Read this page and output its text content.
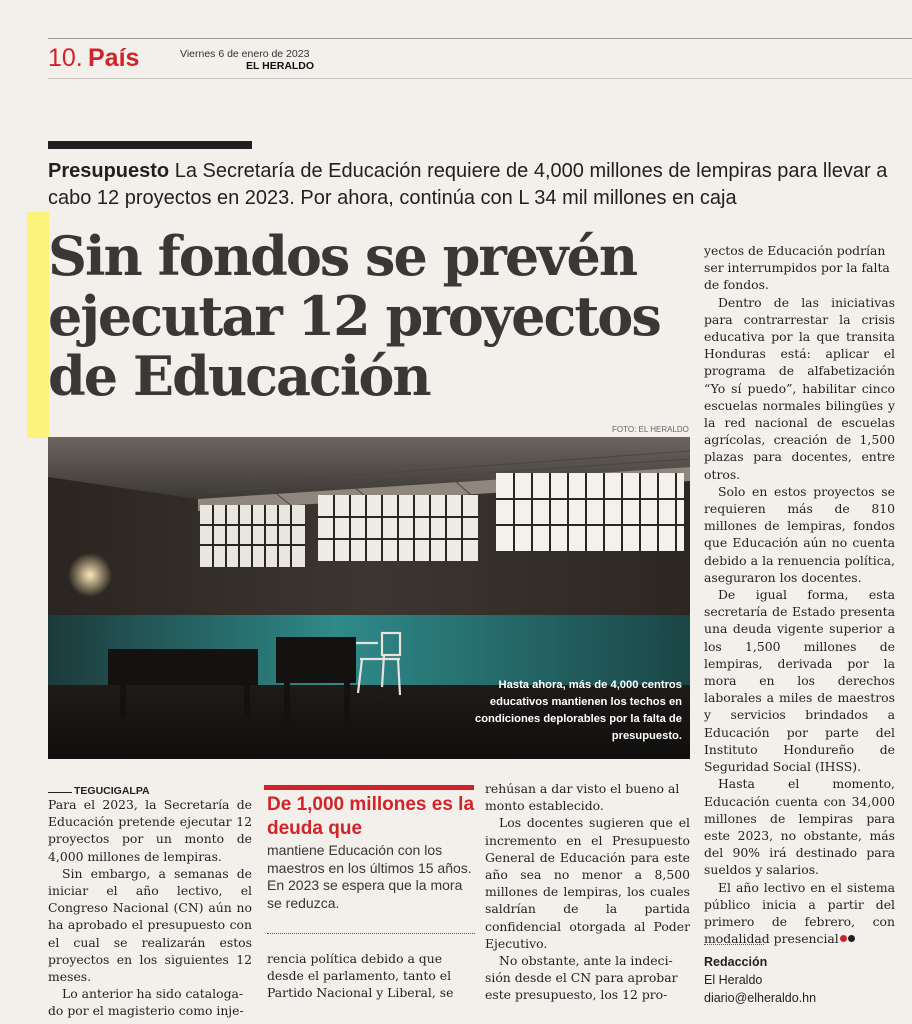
10. País	Viernes 6 de enero de 2023
EL HERALDO
Presupuesto La Secretaría de Educación requiere de 4,000 millones de lempiras para llevar a cabo 12 proyectos en 2023. Por ahora, continúa con L 34 mil millones en caja
Sin fondos se prevén ejecutar 12 proyectos de Educación
FOTO: EL HERALDO
Hasta ahora, más de 4,000 centros educativos mantienen los techos en condiciones deplorables por la falta de presupuesto.
TEGUCIGALPA

Para el 2023, la Secretaría de Educación pretende ejecutar 12 proyectos por un monto de 4,000 millones de lempiras.

Sin embargo, a semanas de iniciar el año lectivo, el Congreso Nacional (CN) aún no ha aprobado el presupuesto con el cual se realizarán estos proyectos en los siguientes 12 meses.

Lo anterior ha sido cataloga-
do por el magisterio como inje-

De 1,000 millones es la deuda que
mantiene Educación con los maestros en los últimos 15 años. En 2023 se espera que la mora se reduzca.

rencia política debido a que
desde el parlamento, tanto el
Partido Nacional y Liberal, se

rehúsan a dar visto el bueno al
monto establecido.

Los docentes sugieren que el incremento en el Presupuesto General de Educación para este año sea no menor a 8,500 millones de lempiras, los cuales saldrían de la partida confidencial otorgada al Poder Ejecutivo.

No obstante, ante la indeci-
sión desde el CN para aprobar
este presupuesto, los 12 pro-

yectos de Educación podrían ser interrumpidos por la falta de fondos.

Dentro de las iniciativas para contrarrestar la crisis educativa por la que transita Honduras está: aplicar el programa de alfabetización “Yo sí puedo”, habilitar cinco escuelas normales bilingües y la red nacional de escuelas agrícolas, creación de 1,500 plazas para docentes, entre otros.

Solo en estos proyectos se requieren más de 810 millones de lempiras, fondos que Educación aún no cuenta debido a la renuencia política, aseguraron los docentes.

De igual forma, esta secretaría de Estado presenta una deuda vigente superior a los 1,500 millones de lempiras, derivada por la mora en los derechos laborales a miles de maestros y servicios brindados a Educación por parte del Instituto Hondureño de Seguridad Social (IHSS).

Hasta el momento, Educación cuenta con 34,000 millones de lempiras para este 2023, no obstante, más del 90% irá destinado para sueldos y salarios.

El año lectivo en el sistema público inicia a partir del primero de febrero, con modalidad presencial

Redacción
El Heraldo
diario@elheraldo.hn
